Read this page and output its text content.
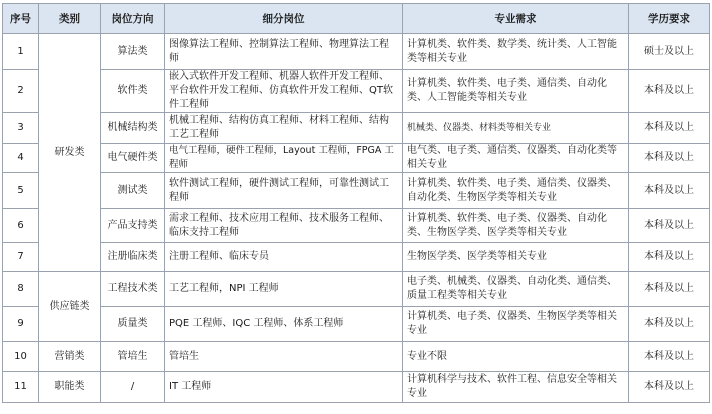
序号	类别	岗位方向	细分岗位	专业需求	学历要求
1	研发类	算法类	图像算法工程师、控制算法工程师、物理算法工程师	计算机类、软件类、数学类、统计类、人工智能类等相关专业	硕士及以上
2		软件类	嵌入式软件开发工程师、机器人软件开发工程师、平台软件开发工程师、仿真软件开发工程师、QT软件工程师	计算机类、软件类、电子类、通信类、自动化类、人工智能类等相关专业	本科及以上
3		机械结构类	机械工程师、结构仿真工程师、材料工程师、结构工艺工程师	机械类、仪器类、材料类等相关专业	本科及以上
4		电气硬件类	电气工程师，硬件工程师，Layout 工程师，FPGA 工程师	电气类、电子类、通信类、仪器类、自动化类等相关专业	本科及以上
5		测试类	软件测试工程师，硬件测试工程师，可靠性测试工程师	计算机类、软件类、电子类、通信类、仪器类、自动化类、生物医学类等相关专业	本科及以上
6		产品支持类	需求工程师、技术应用工程师、技术服务工程师、临床支持工程师	计算机类、软件类、电子类、仪器类、自动化类、生物医学类、医学类等相关专业	本科及以上
7		注册临床类	注册工程师、临床专员	生物医学类、医学类等相关专业	本科及以上
8	供应链类	工程技术类	工艺工程师，NPI 工程师	电子类、机械类、仪器类、自动化类、通信类、质量工程类等相关专业	本科及以上
9		质量类	PQE 工程师、IQC 工程师、体系工程师	计算机类、电子类、仪器类、生物医学类等相关专业	本科及以上
10	营销类	管培生	管培生	专业不限	本科及以上
11	职能类	/	IT 工程师	计算机科学与技术、软件工程、信息安全等相关专业	本科及以上
